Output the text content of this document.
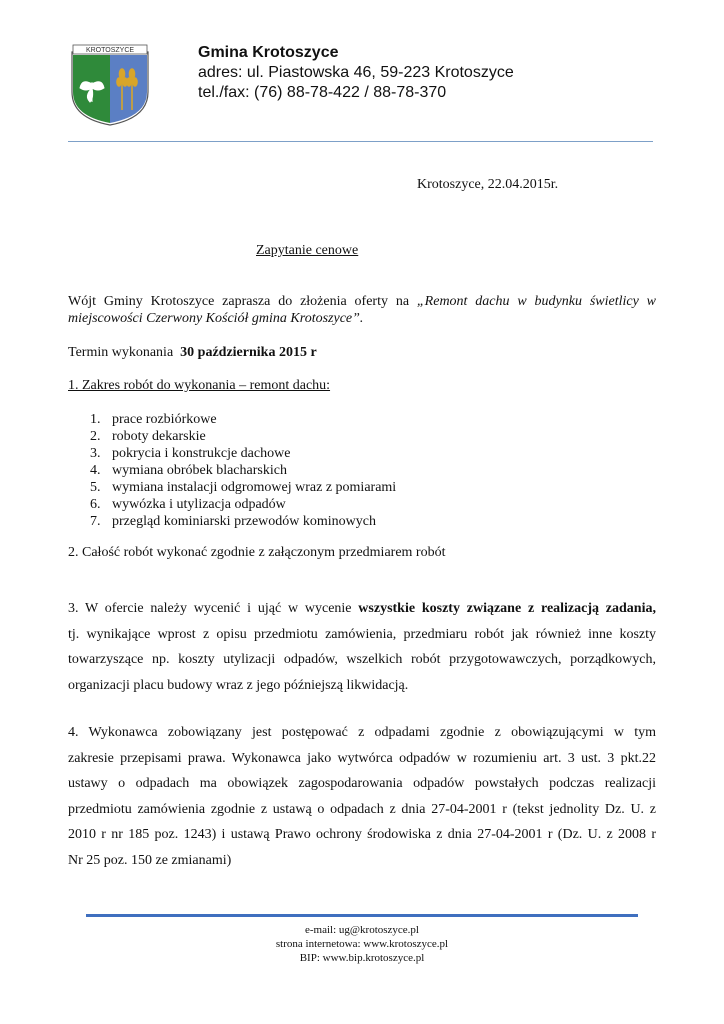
KROTOSZYCE	Gmina Krotoszyce
adres: ul. Piastowska 46, 59-223 Krotoszyce
tel./fax: (76) 88-78-422 / 88-78-370
Krotoszyce, 22.04.2015r.
Zapytanie cenowe
Wójt Gminy Krotoszyce zaprasza do złożenia oferty na „Remont dachu w budynku świetlicy w miejscowości Czerwony Kościół gmina Krotoszyce”.
Termin wykonania 30 października 2015 r
1. Zakres robót do wykonania – remont dachu:
1. prace rozbiórkowe
2. roboty dekarskie
3. pokrycia i konstrukcje dachowe
4. wymiana obróbek blacharskich
5. wymiana instalacji odgromowej wraz z pomiarami
6. wywózka i utylizacja odpadów
7. przegląd kominiarski przewodów kominowych
2. Całość robót wykonać zgodnie z załączonym przedmiarem robót
3. W ofercie należy wycenić i ująć w wycenie wszystkie koszty związane z realizacją zadania,
tj. wynikające wprost z opisu przedmiotu zamówienia, przedmiaru robót jak również inne koszty
towarzyszące np. koszty utylizacji odpadów, wszelkich robót przygotowawczych, porządkowych,
organizacji placu budowy wraz z jego późniejszą likwidacją.
4. Wykonawca zobowiązany jest postępować z odpadami zgodnie z obowiązującymi w tym
zakresie przepisami prawa. Wykonawca jako wytwórca odpadów w rozumieniu art. 3 ust. 3 pkt.22
ustawy o odpadach ma obowiązek zagospodarowania odpadów powstałych podczas realizacji
przedmiotu zamówienia zgodnie z ustawą o odpadach z dnia 27-04-2001 r (tekst jednolity Dz. U. z
2010 r nr 185 poz. 1243) i ustawą Prawo ochrony środowiska z dnia 27-04-2001 r (Dz. U. z 2008 r
Nr 25 poz. 150 ze zmianami)
e-mail: ug@krotoszyce.pl
strona internetowa: www.krotoszyce.pl
BIP: www.bip.krotoszyce.pl
